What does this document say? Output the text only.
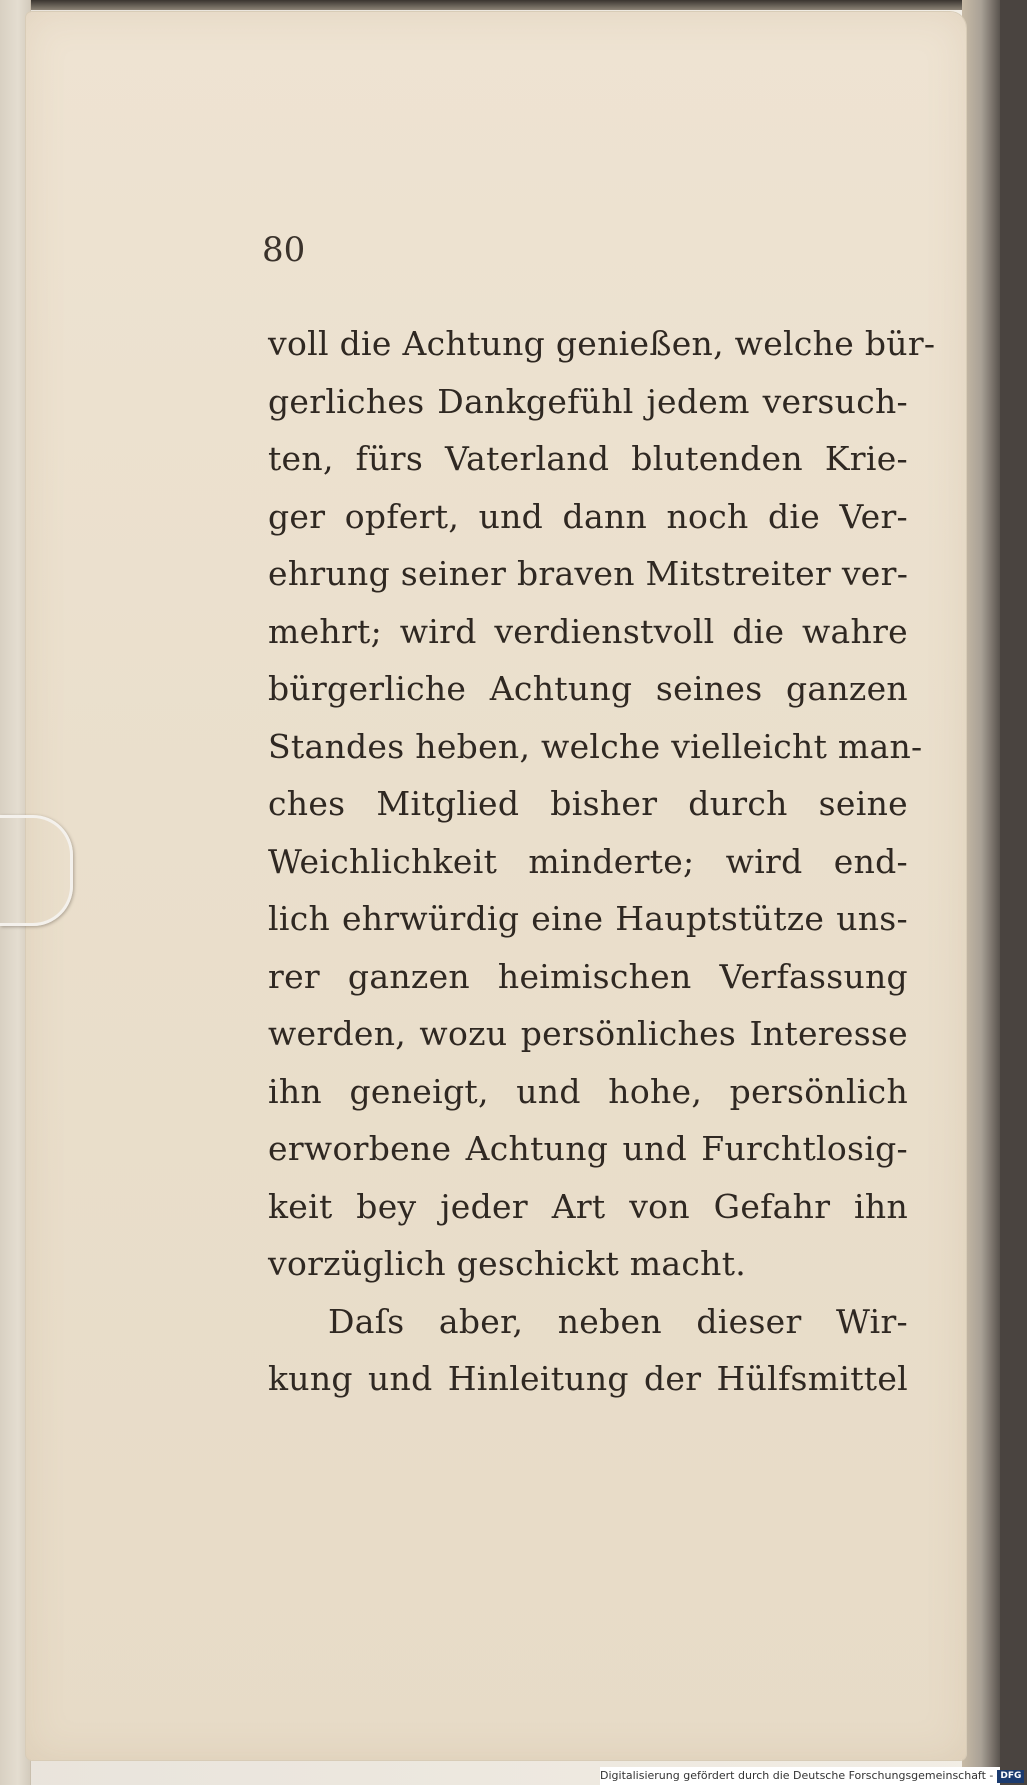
80
voll die Achtung genießen, welche bür-
gerliches Dankgefühl jedem versuch-
ten, fürs Vaterland blutenden Krie-
ger opfert, und dann noch die Ver-
ehrung seiner braven Mitstreiter ver-
mehrt; wird verdienstvoll die wahre
bürgerliche Achtung seines ganzen
Standes heben, welche vielleicht man-
ches Mitglied bisher durch seine
Weichlichkeit minderte; wird end-
lich ehrwürdig eine Hauptstütze uns-
rer ganzen heimischen Verfassung
werden, wozu persönliches Interesse
ihn geneigt, und hohe, persönlich
erworbene Achtung und Furchtlosig-
keit bey jeder Art von Gefahr ihn
vorzüglich geschickt macht.
Daſs aber, neben dieser Wir-
kung und Hinleitung der Hülfsmittel
Digitalisierung gefördert durch die Deutsche Forschungsgemeinschaft - DFG
